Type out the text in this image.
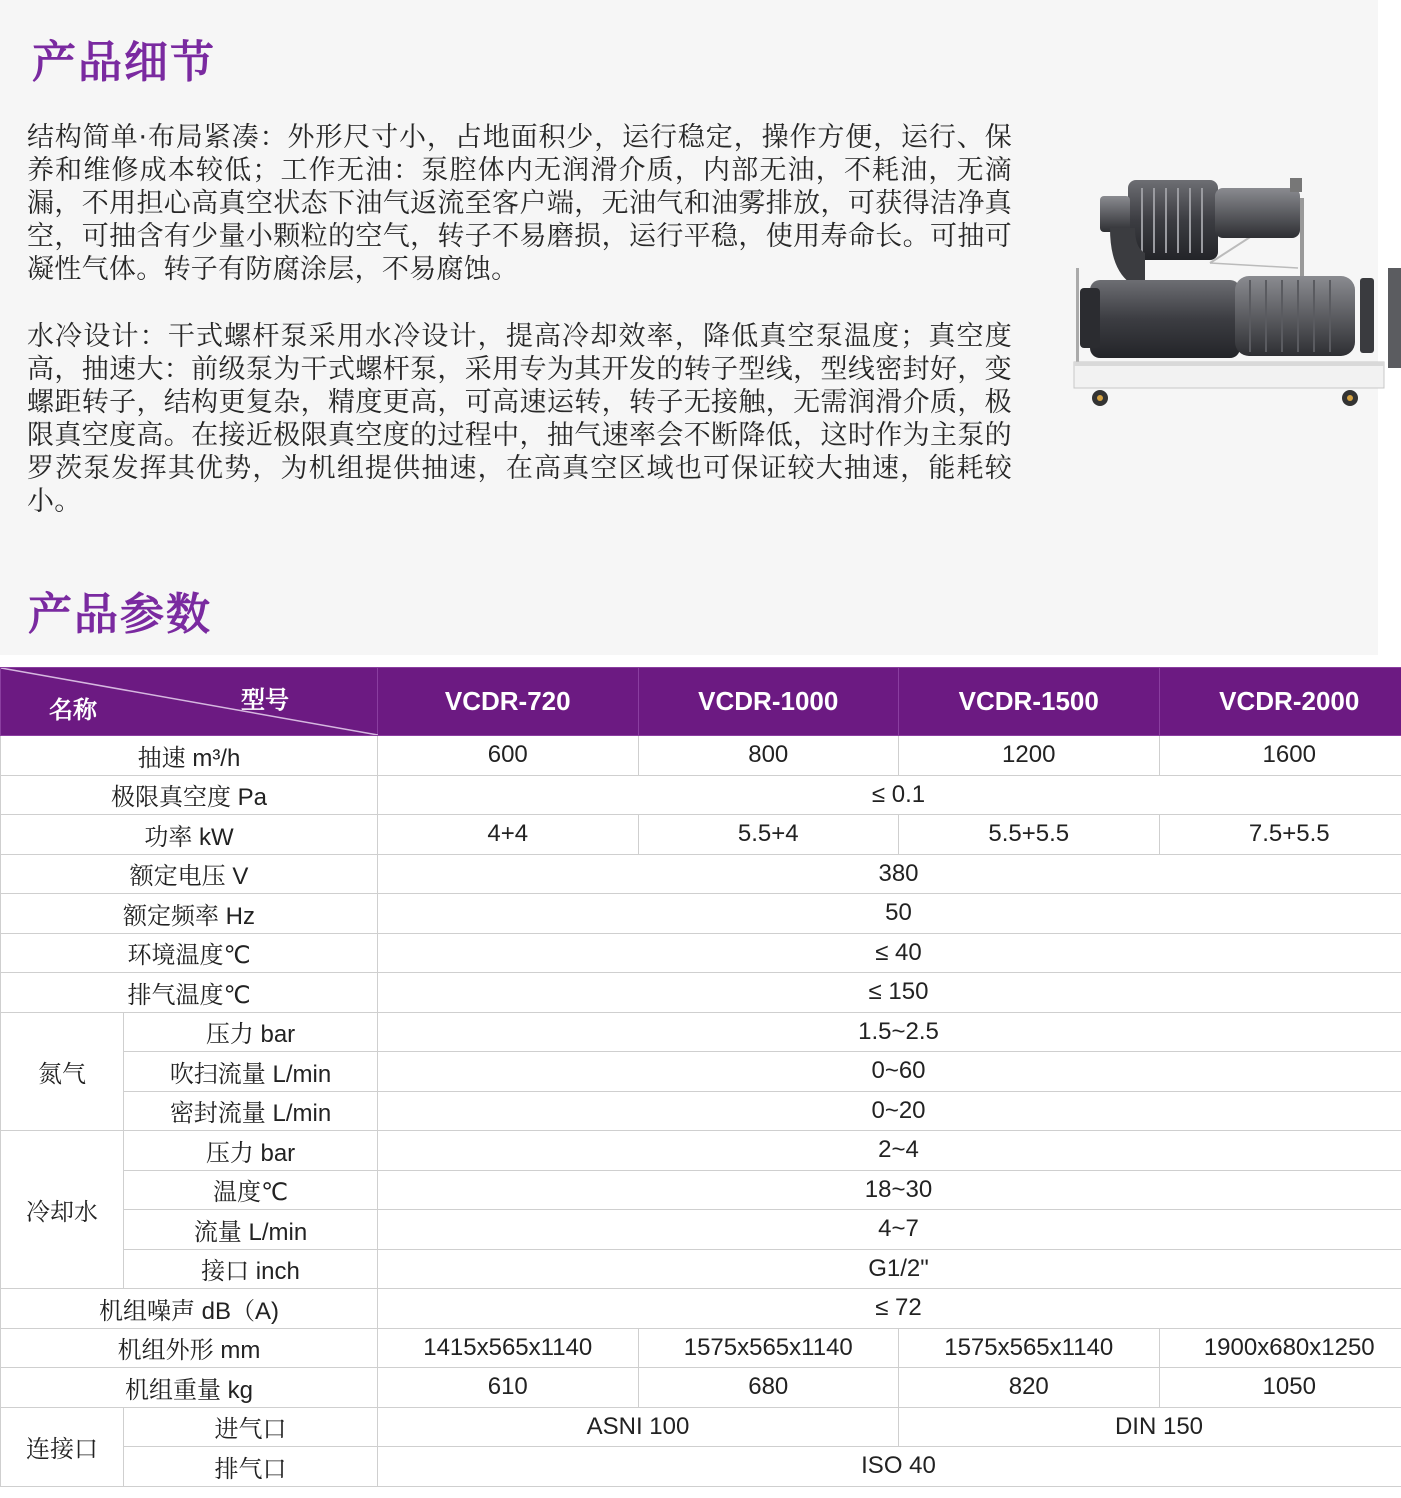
产品细节

结构简单·布局紧凑：外形尺寸小，占地面积少，运行稳定，操作方便，运行、保养和维修成本较低；工作无油：泵腔体内无润滑介质，内部无油，不耗油，无滴漏，不用担心高真空状态下油气返流至客户端，无油气和油雾排放，可获得洁净真空，可抽含有少量小颗粒的空气，转子不易磨损，运行平稳，使用寿命长。可抽可凝性气体。转子有防腐涂层，不易腐蚀。

水冷设计：干式螺杆泵采用水冷设计，提高冷却效率，降低真空泵温度；真空度高，抽速大：前级泵为干式螺杆泵，采用专为其开发的转子型线，型线密封好，变螺距转子，结构更复杂，精度更高，可高速运转，转子无接触，无需润滑介质，极限真空度高。在接近极限真空度的过程中，抽气速率会不断降低，这时作为主泵的罗茨泵发挥其优势，为机组提供抽速，在高真空区域也可保证较大抽速，能耗较小。

产品参数
型号
名称		VCDR-720	VCDR-1000	VCDR-1500	VCDR-2000
抽速 m³/h		600	800	1200	1600
极限真空度 Pa		≤ 0.1			
功率 kW		4+4	5.5+4	5.5+5.5	7.5+5.5
额定电压 V		380			
额定频率 Hz		50			
环境温度℃		≤ 40			
排气温度℃		≤ 150			
氮气	压力 bar	1.5~2.5			
	吹扫流量 L/min	0~60			
	密封流量 L/min	0~20			
冷却水	压力 bar	2~4			
	温度℃	18~30			
	流量 L/min	4~7			
	接口 inch	G1/2"			
机组噪声 dB（A)		≤ 72			
机组外形 mm		1415x565x1140	1575x565x1140	1575x565x1140	1900x680x1250
机组重量 kg		610	680	820	1050
连接口	进气口	ASNI 100		DIN 150	
	排气口	ISO 40			
